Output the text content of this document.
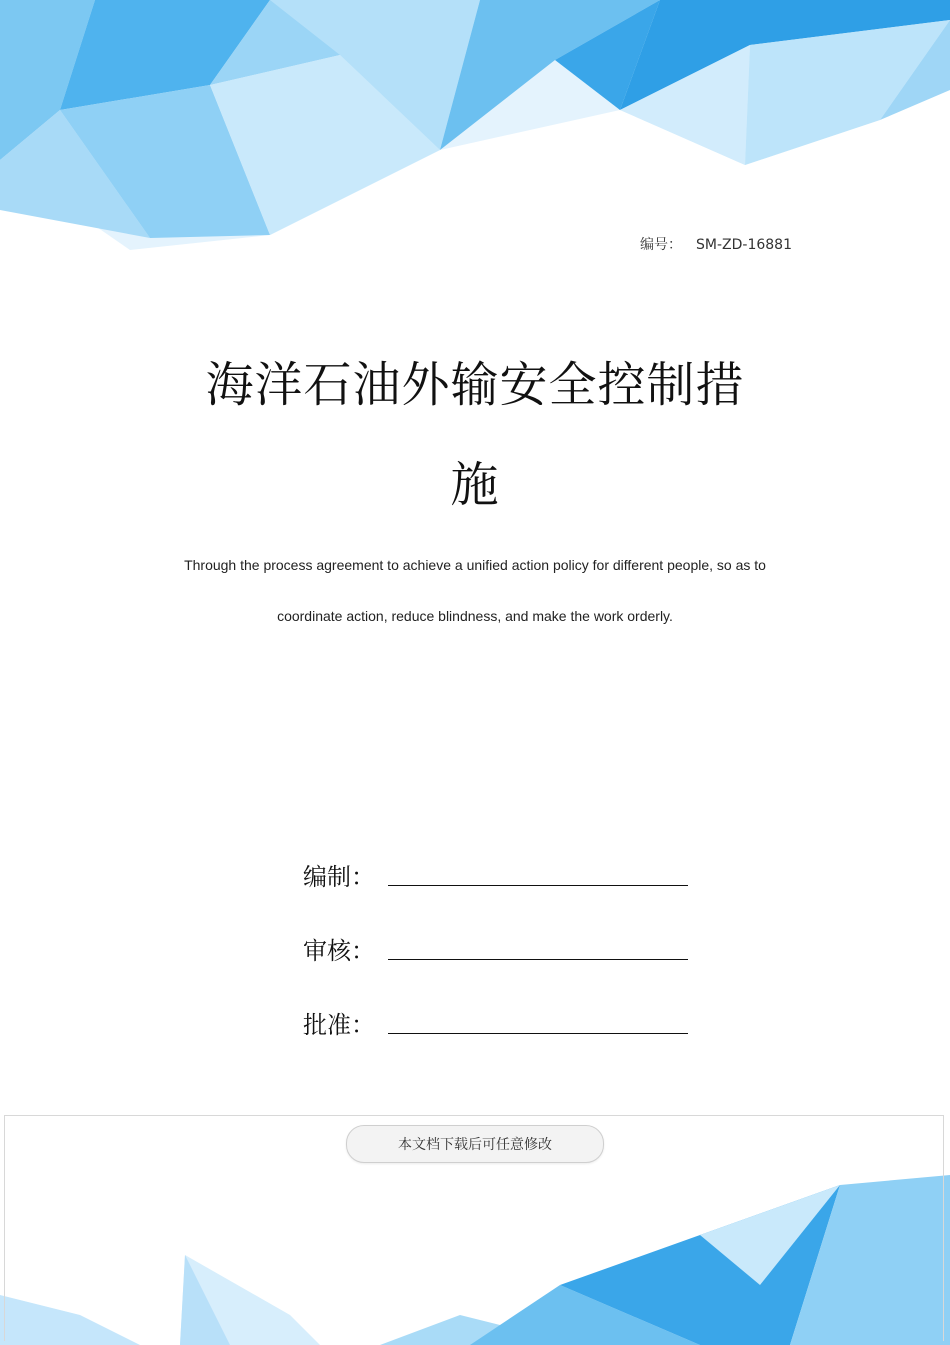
编号： SM-ZD-16881
海洋石油外输安全控制措
施
Through the process agreement to achieve a unified action policy for different people, so as to
coordinate action, reduce blindness, and make the work orderly.
编制：
审核：
批准：
本文档下载后可任意修改
